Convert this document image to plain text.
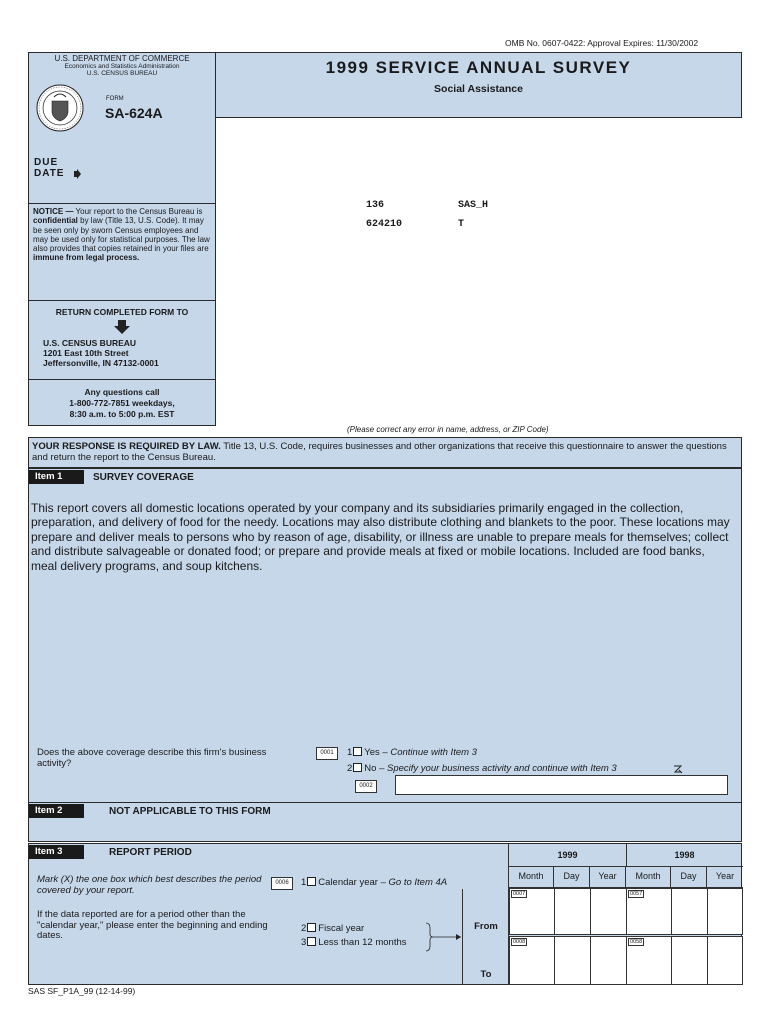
OMB No. 0607-0422: Approval Expires: 11/30/2002
U.S. DEPARTMENT OF COMMERCE
Economics and Statistics Administration
U.S. CENSUS BUREAU
FORM
SA-624A
DUE
DATE
1999 SERVICE ANNUAL SURVEY
Social Assistance
NOTICE — Your report to the Census Bureau is confidential by law (Title 13, U.S. Code). It may be seen only by sworn Census employees and may be used only for statistical purposes. The law also provides that copies retained in your files are immune from legal process.
RETURN COMPLETED FORM TO
U.S. CENSUS BUREAU
1201 East 10th Street
Jeffersonville, IN 47132-0001
Any questions call
1-800-772-7851 weekdays,
8:30 a.m. to 5:00 p.m. EST
136	SAS_H
624210	T
(Please correct any error in name, address, or ZIP Code)
YOUR RESPONSE IS REQUIRED BY LAW. Title 13, U.S. Code, requires businesses and other organizations that receive this questionnaire to answer the questions and return the report to the Census Bureau.
Item 1	SURVEY COVERAGE
This report covers all domestic locations operated by your company and its subsidiaries primarily engaged in the collection, preparation, and delivery of food for the needy. Locations may also distribute clothing and blankets to the poor. These locations may prepare and deliver meals to persons who by reason of age, disability, or illness are unable to prepare meals for themselves; collect and distribute salvageable or donated food; or prepare and provide meals at fixed or mobile locations. Included are food banks, meal delivery programs, and soup kitchens.
Does the above coverage describe this firm's business activity?
0001	1 Yes – Continue with Item 3
2 No – Specify your business activity and continue with Item 3
0002
Item 2	NOT APPLICABLE TO THIS FORM
Item 3	REPORT PERIOD
Mark (X) the one box which best describes the period covered by your report.
0006	1 Calendar year – Go to Item 4A
If the data reported are for a period other than the "calendar year," please enter the beginning and ending dates.
2 Fiscal year
3 Less than 12 months
From
To
1999	1998
Month	Day	Year	Month	Day	Year
0007	0057
0008	0058
SAS SF_P1A_99 (12-14-99)
